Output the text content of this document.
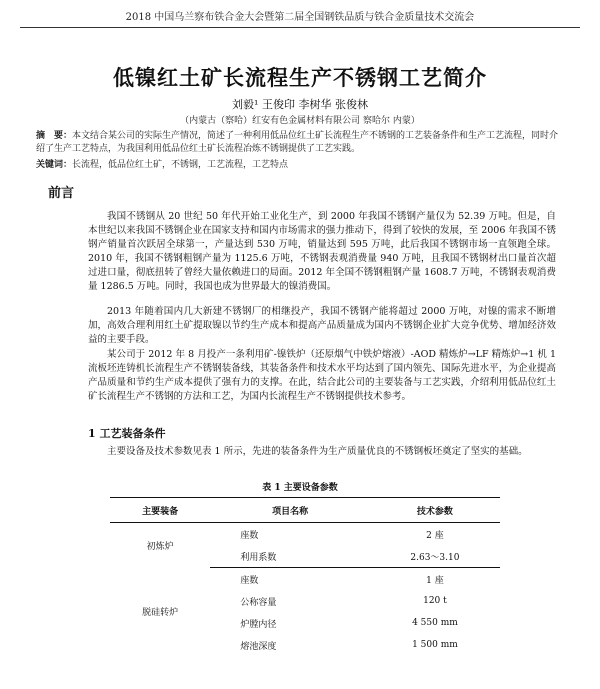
2018 中国乌兰察布铁合金大会暨第二届全国钢铁品质与铁合金质量技术交流会
低镍红土矿长流程生产不锈钢工艺简介
刘毅¹ 王俊印 李树华 张俊林
（内蒙古（察哈）红安有色金属材料有限公司 察哈尔 内蒙）
摘　要：本文结合某公司的实际生产情况，简述了一种利用低品位红土矿长流程生产不锈钢的工艺装备条件和生产工艺流程，同时介绍了生产工艺特点，为我国利用低品位红土矿长流程冶炼不锈钢提供了工艺实践。
关键词：长流程，低品位红土矿，不锈钢，工艺流程，工艺特点
前言
我国不锈钢从 20 世纪 50 年代开始工业化生产，到 2000 年我国不锈钢产量仅为 52.39 万吨。但是，自本世纪以来我国不锈钢企业在国家支持和国内市场需求的强力推动下，得到了较快的发展，至 2006 年我国不锈钢产销量首次跃居全球第一，产量达到 530 万吨，销量达到 595 万吨，此后我国不锈钢市场一直领跑全球。2010 年，我国不锈钢粗钢产量为 1125.6 万吨，不锈钢表观消费量 940 万吨，且我国不锈钢材出口量首次超过进口量，彻底扭转了曾经大量依赖进口的局面。2012 年全国不锈钢粗钢产量 1608.7 万吨，不锈钢表观消费量 1286.5 万吨。同时，我国也成为世界最大的镍消费国。
2013 年随着国内几大新建不锈钢厂的相继投产，我国不锈钢产能将超过 2000 万吨，对镍的需求不断增加，高效合理利用红土矿提取镍以节约生产成本和提高产品质量成为国内不锈钢企业扩大竞争优势、增加经济效益的主要手段。
某公司于 2012 年 8 月投产一条利用矿-镍铁炉（还原烟气中铁炉熔液）-AOD 精炼炉→LF 精炼炉→1 机 1 流板坯连铸机长流程生产不锈钢装备线，其装备条件和技术水平均达到了国内领先、国际先进水平，为企业提高产品质量和节约生产成本提供了强有力的支撑。在此，结合此公司的主要装备与工艺实践，介绍利用低品位红土矿长流程生产不锈钢的方法和工艺，为国内长流程生产不锈钢提供技术参考。
1 工艺装备条件
主要设备及技术参数见表 1 所示，先进的装备条件为生产质量优良的不锈钢板坯奠定了坚实的基础。
表 1 主要设备参数
主要装备	项目名称	技术参数
初炼炉	座数	2 座
	利用系数	2.63～3.10
脱硅转炉	座数	1 座
	公称容量	120 t
	炉膛内径	4 550 mm
	熔池深度	1 500 mm
